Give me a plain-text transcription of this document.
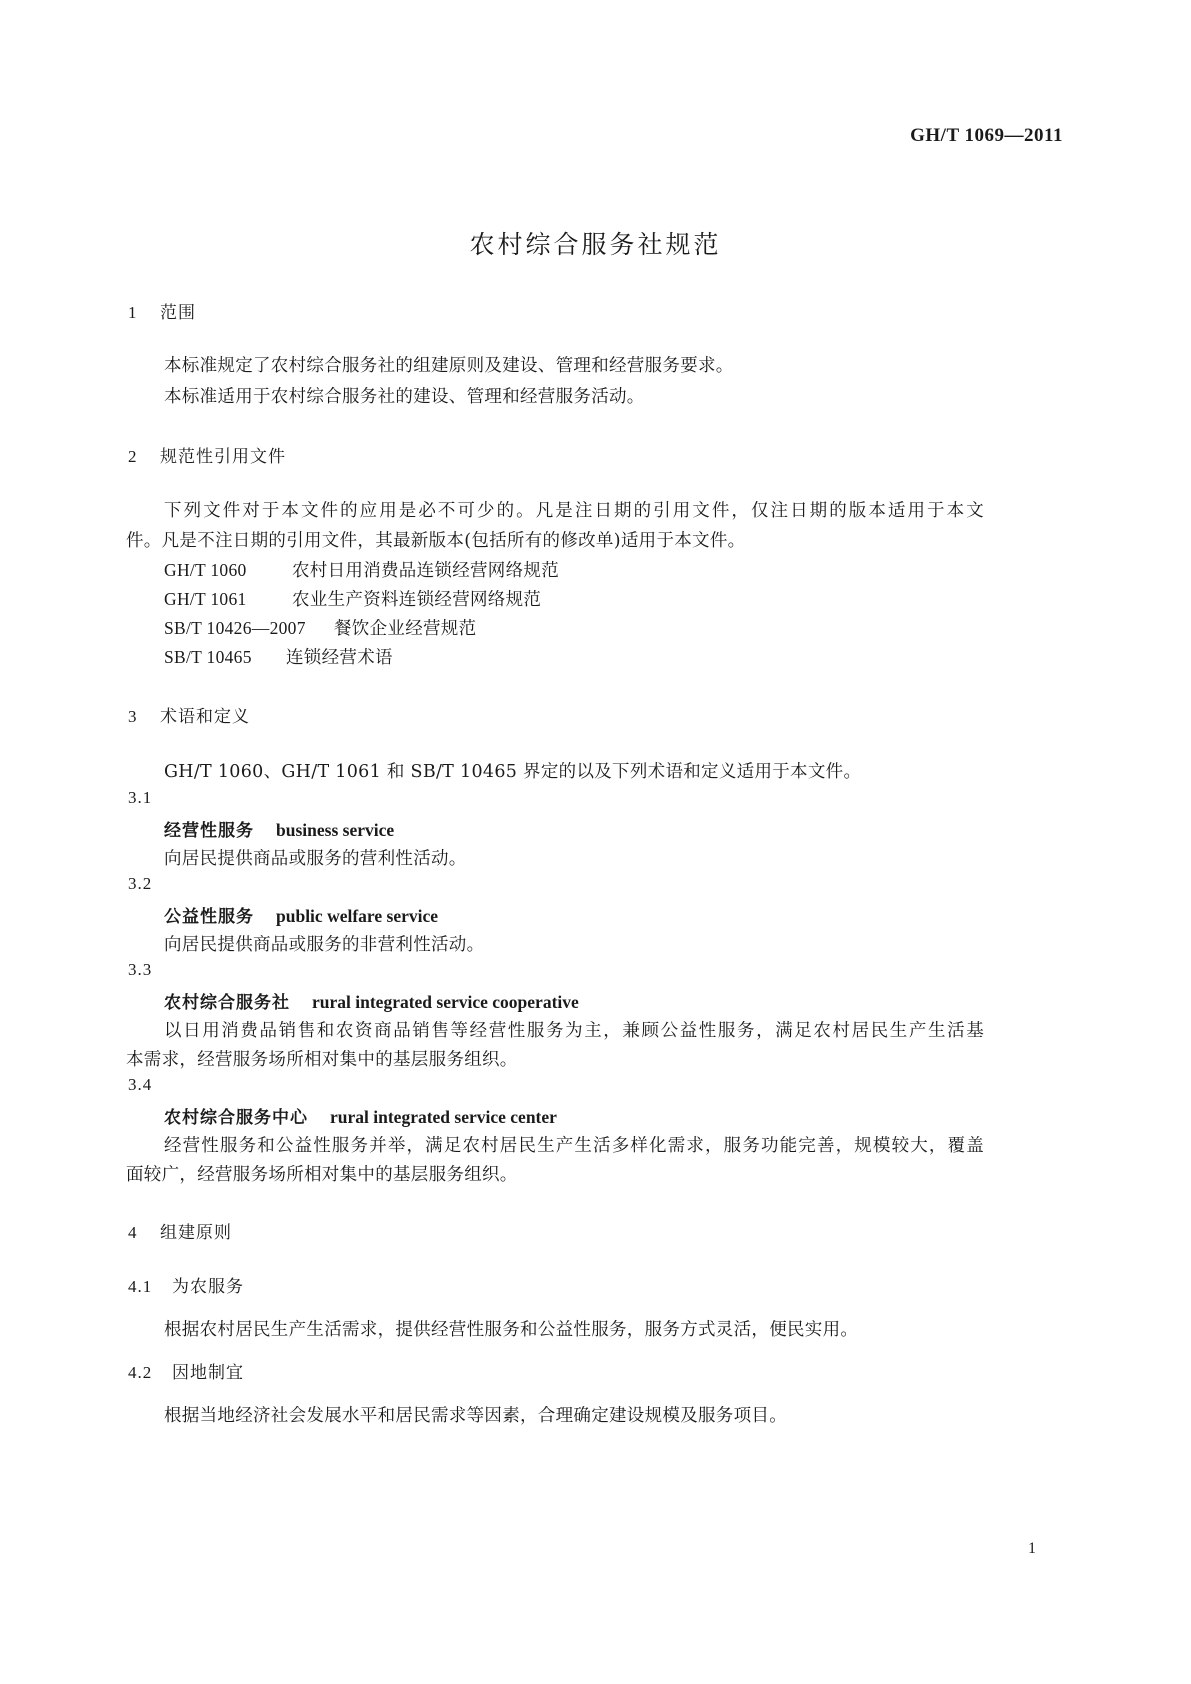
GH/T 1069—2011
农村综合服务社规范
1 范围
本标准规定了农村综合服务社的组建原则及建设、管理和经营服务要求。
本标准适用于农村综合服务社的建设、管理和经营服务活动。
2 规范性引用文件
下列文件对于本文件的应用是必不可少的。凡是注日期的引用文件，仅注日期的版本适用于本文
件。凡是不注日期的引用文件，其最新版本(包括所有的修改单)适用于本文件。
GH/T 1060	农村日用消费品连锁经营网络规范
GH/T 1061	农业生产资料连锁经营网络规范
SB/T 10426—2007 餐饮企业经营规范
SB/T 10465 连锁经营术语
3 术语和定义
GH/T 1060、GH/T 1061 和 SB/T 10465 界定的以及下列术语和定义适用于本文件。
3.1
经营性服务 business service
向居民提供商品或服务的营利性活动。
3.2
公益性服务 public welfare service
向居民提供商品或服务的非营利性活动。
3.3
农村综合服务社 rural integrated service cooperative
以日用消费品销售和农资商品销售等经营性服务为主，兼顾公益性服务，满足农村居民生产生活基
本需求，经营服务场所相对集中的基层服务组织。
3.4
农村综合服务中心 rural integrated service center
经营性服务和公益性服务并举，满足农村居民生产生活多样化需求，服务功能完善，规模较大，覆盖
面较广，经营服务场所相对集中的基层服务组织。
4 组建原则
4.1 为农服务
根据农村居民生产生活需求，提供经营性服务和公益性服务，服务方式灵活，便民实用。
4.2 因地制宜
根据当地经济社会发展水平和居民需求等因素，合理确定建设规模及服务项目。
1
